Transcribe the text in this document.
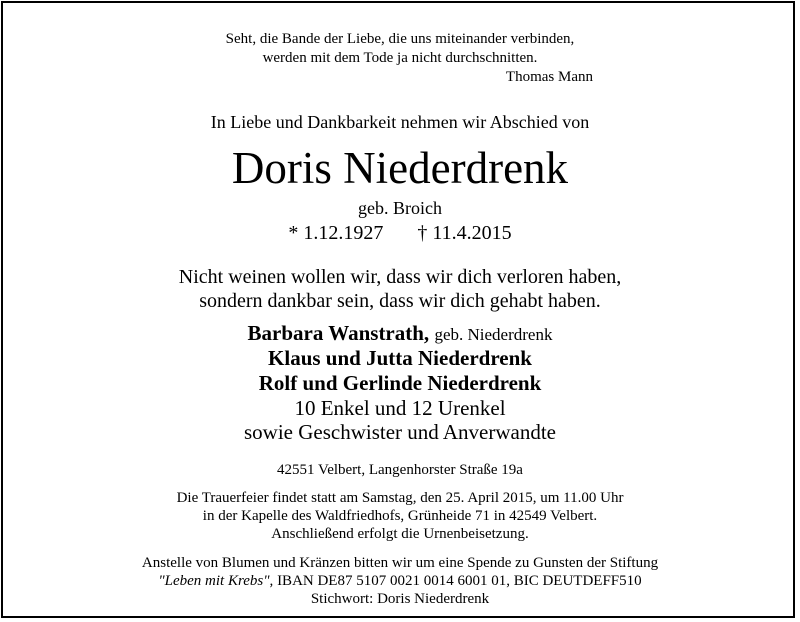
Seht, die Bande der Liebe, die uns miteinander verbinden,

werden mit dem Tode ja nicht durchschnitten.

Thomas Mann

In Liebe und Dankbarkeit nehmen wir Abschied von

Doris Niederdrenk

geb. Broich

* 1.12.1927 † 11.4.2015

Nicht weinen wollen wir, dass wir dich verloren haben,

sondern dankbar sein, dass wir dich gehabt haben.

Barbara Wanstrath, geb. Niederdrenk

Klaus und Jutta Niederdrenk

Rolf und Gerlinde Niederdrenk

10 Enkel und 12 Urenkel

sowie Geschwister und Anverwandte

42551 Velbert, Langenhorster Straße 19a

Die Trauerfeier findet statt am Samstag, den 25. April 2015, um 11.00 Uhr

in der Kapelle des Waldfriedhofs, Grünheide 71 in 42549 Velbert.

Anschließend erfolgt die Urnenbeisetzung.

Anstelle von Blumen und Kränzen bitten wir um eine Spende zu Gunsten der Stiftung

"Leben mit Krebs", IBAN DE87 5107 0021 0014 6001 01, BIC DEUTDEFF510

Stichwort: Doris Niederdrenk
